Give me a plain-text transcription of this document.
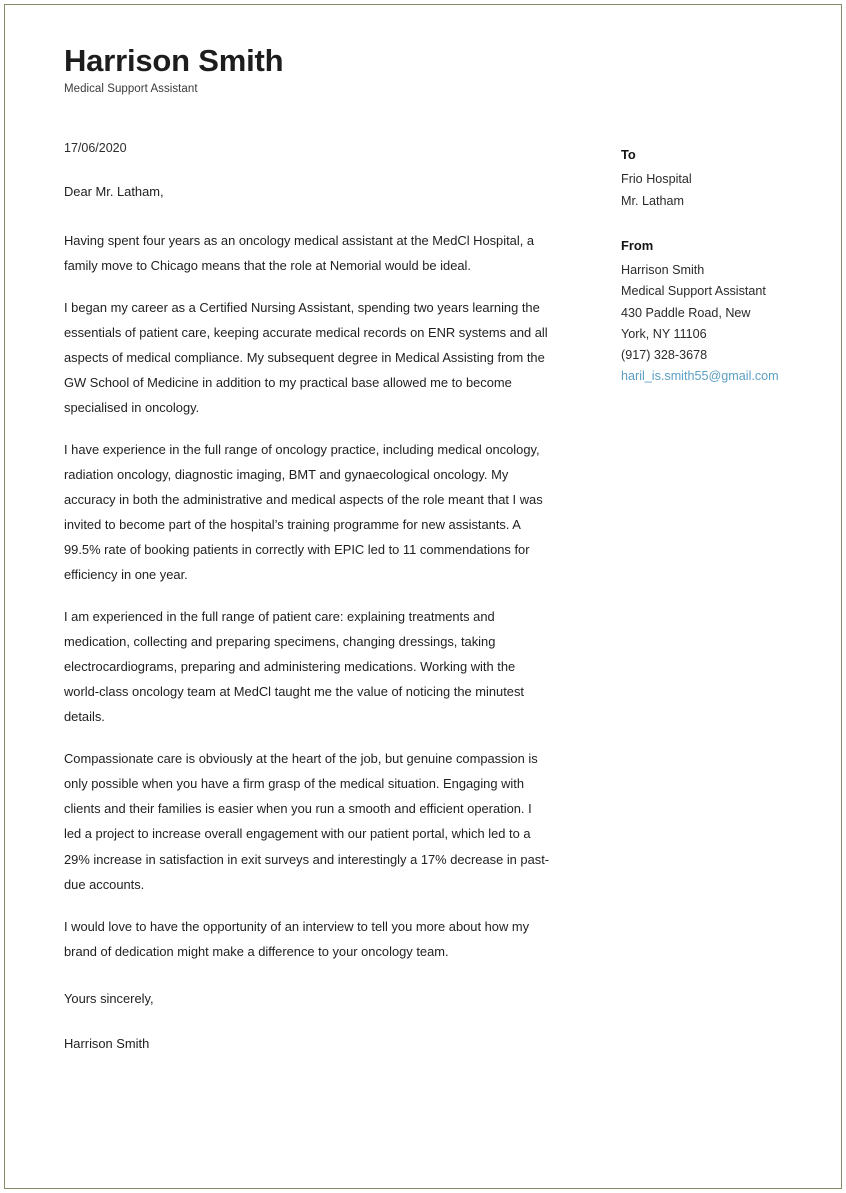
Harrison Smith
Medical Support Assistant
17/06/2020
Dear Mr. Latham,

Having spent four years as an oncology medical assistant at the MedCl Hospital, a family move to Chicago means that the role at Nemorial would be ideal.

I began my career as a Certified Nursing Assistant, spending two years learning the essentials of patient care, keeping accurate medical records on ENR systems and all aspects of medical compliance. My subsequent degree in Medical Assisting from the GW School of Medicine in addition to my practical base allowed me to become specialised in oncology.

I have experience in the full range of oncology practice, including medical oncology, radiation oncology, diagnostic imaging, BMT and gynaecological oncology. My accuracy in both the administrative and medical aspects of the role meant that I was invited to become part of the hospital’s training programme for new assistants. A 99.5% rate of booking patients in correctly with EPIC led to 11 commendations for efficiency in one year.

I am experienced in the full range of patient care: explaining treatments and medication, collecting and preparing specimens, changing dressings, taking electrocardiograms, preparing and administering medications. Working with the world-class oncology team at MedCl taught me the value of noticing the minutest details.

Compassionate care is obviously at the heart of the job, but genuine compassion is only possible when you have a firm grasp of the medical situation. Engaging with clients and their families is easier when you run a smooth and efficient operation. I led a project to increase overall engagement with our patient portal, which led to a 29% increase in satisfaction in exit surveys and interestingly a 17% decrease in past-due accounts.

I would love to have the opportunity of an interview to tell you more about how my brand of dedication might make a difference to your oncology team.

Yours sincerely,
Harrison Smith
To
Frio Hospital
Mr. Latham
From
Harrison Smith
Medical Support Assistant
430 Paddle Road, New
York, NY 11106
(917) 328-3678
haril_is.smith55@gmail.com
